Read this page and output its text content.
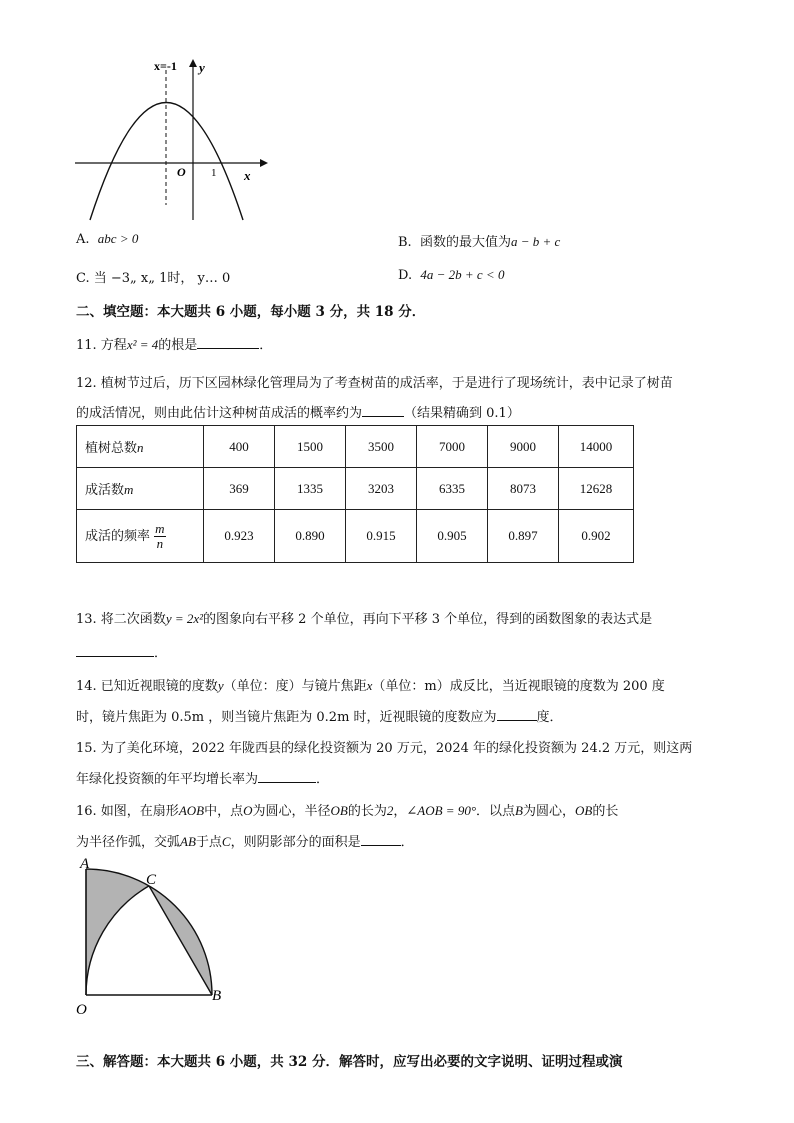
x=-1 y
x
O 1
A. abc > 0	B. 函数的最大值为a − b + c
C. 当 −3„ x„ 1时， y… 0	D. 4a − 2b + c < 0
二、填空题：本大题共 6 小题，每小题 3 分，共 18 分．
11. 方程x² = 4的根是	．
12. 植树节过后，历下区园林绿化管理局为了考查树苗的成活率，于是进行了现场统计，表中记录了树苗
的成活情况，则由此估计这种树苗成活的概率约为	（结果精确到 0.1）
植树总数n	400	1500	3500	7000	9000	14000
成活数m	369	1335	3203	6335	8073	12628
成活的频率 $\frac{m}{n}$	0.923	0.890	0.915	0.905	0.897	0.902
13. 将二次函数y = 2x²的图象向右平移 2 个单位，再向下平移 3 个单位，得到的函数图象的表达式是
．
14. 已知近视眼镜的度数y（单位：度）与镜片焦距x（单位：m）成反比，当近视眼镜的度数为 200 度
时，镜片焦距为 0.5m ，则当镜片焦距为 0.2m 时，近视眼镜的度数应为	度．
15. 为了美化环境，2022 年陇西县的绿化投资额为 20 万元，2024 年的绿化投资额为 24.2 万元，则这两
年绿化投资额的年平均增长率为	．
16. 如图，在扇形AOB中，点O为圆心，半径OB的长为2，∠AOB = 90°．以点B为圆心，OB的长
为半径作弧，交弧AB于点C，则阴影部分的面积是	．
A
C
O
B
三、解答题：本大题共 6 小题，共 32 分．解答时，应写出必要的文字说明、证明过程或演
